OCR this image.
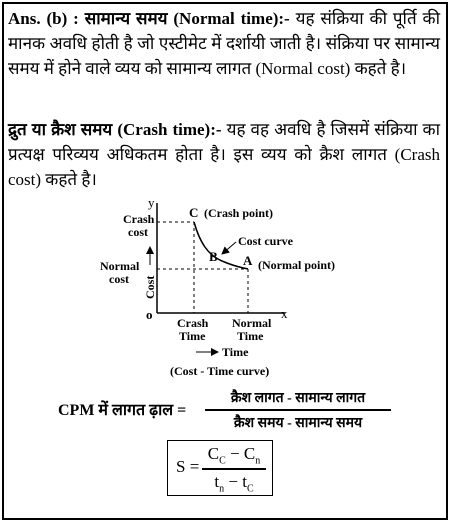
Ans. (b) : सामान्य समय (Normal time):- यह संक्रिया की पूर्ति की मानक अवधि होती है जो एस्टीमेट में दर्शायी जाती है। संक्रिया पर सामान्य समय में होने वाले व्यय को सामान्य लागत (Normal cost) कहते है।
द्रुत या क्रैश समय (Crash time):- यह वह अवधि है जिसमें संक्रिया का प्रत्यक्ष परिव्यय अधिकतम होता है। इस व्यय को क्रैश लागत (Crash cost) कहते है।
y
x
o
Cost curve
C (Crash point)
B A (Normal point)
Crash
cost
Normal
cost Cost
Crash
Time
Normal
Time
Time
(Cost - Time curve)
CPM में लागत ढ़ाल =
क्रैश लागत - सामान्य लागत
क्रैश समय - सामान्य समय
S =
$C_C - C_n$
$t_n - t_C$
